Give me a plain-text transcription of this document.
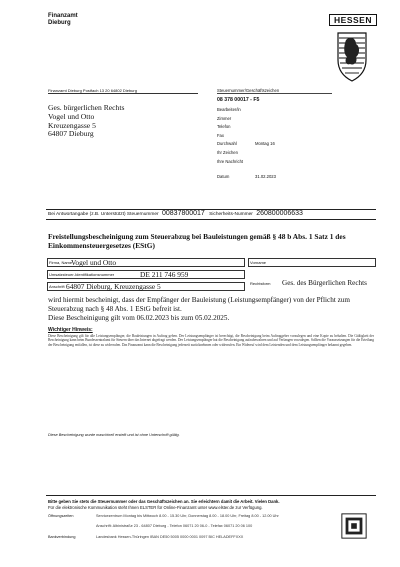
Finanzamt
Dieburg	HESSEN
Finanzamt Dieburg Postfach 13 20 64802 Dieburg
Ges. bürgerlichen Rechts
Vogel und Otto
Kreuzengasse 5
64807 Dieburg
Steuernummer/Geschäftszeichen
08 378 00017 - F5
Bearbeiter/in
Zimmer
Telefon
Fax
Durchwahl	Montag 16
Ihr Zeichen
Ihre Nachricht
Datum	31.02.2023
Bei Antwortangabe (z.B. Unterstützt) Steuernummer 00837800017 Sicherheits-Nummer 260800006633
Freistellungsbescheinigung zum Steuerabzug bei Bauleistungen gemäß § 48 b Abs. 1 Satz 1 des Einkommensteuergesetzes (EStG)
Firma, Name
Vogel und Otto	Vorname
Rechtsform Ges. des Bürgerlichen Rechts
Umsatzsteuer-Identifikationsnummer	DE 211 746 959
Anschrift 64807 Dieburg, Kreuzengasse 5
wird hiermit bescheinigt, dass der Empfänger der Bauleistung (Leistungsempfänger) von der Pflicht zum Steuerabzug nach § 48 Abs. 1 EStG befreit ist.
Diese Bescheinigung gilt vom 06.02.2023 bis zum 05.02.2025.
Wichtiger Hinweis:
Diese Bescheinigung gilt für alle Leistungsempfänger, die Bauleistungen in Auftrag geben. Der Leistungsempfänger ist berechtigt, die Bescheinigung beim Auftraggeber vorzulegen und eine Kopie zu behalten. Die Gültigkeit der Bescheinigung kann beim Bundeszentralamt für Steuern über das Internet abgefragt werden. Der Leistungsempfänger hat die Bescheinigung aufzubewahren und auf Verlangen vorzulegen. Sollten die Voraussetzungen für die Erteilung der Bescheinigung entfallen, ist diese zu widerrufen. Das Finanzamt kann die Bescheinigung jederzeit zurücknehmen oder widerrufen. Ein Widerruf wird dem Leistenden und dem Leistungsempfänger bekannt gegeben.
Diese Bescheinigung wurde maschinell erstellt und ist ohne Unterschrift gültig.
Bitte geben Sie stets die Steuernummer oder das Geschäftszeichen an. Sie erleichtern damit die Arbeit. Vielen Dank.
Für die elektronische Kommunikation steht Ihnen ELSTER für Online-Finanzamt unter www.elster.de zur Verfügung.
Öffnungszeiten	Servicezentrum Montag bis Mittwoch 8.00 - 15.30 Uhr, Donnerstag 8.00 - 18.00 Uhr, Freitag 8.00 - 12.00 Uhr
Anschrift: Albinistraße 23 - 64807 Dieburg - Telefon 06071 20 06-0 - Telefax 06071 20 06 100
Bankverbindung	Landesbank Hessen-Thüringen IBAN DE50 5005 0000 0001 0097 BIC HELADEFFXXX
